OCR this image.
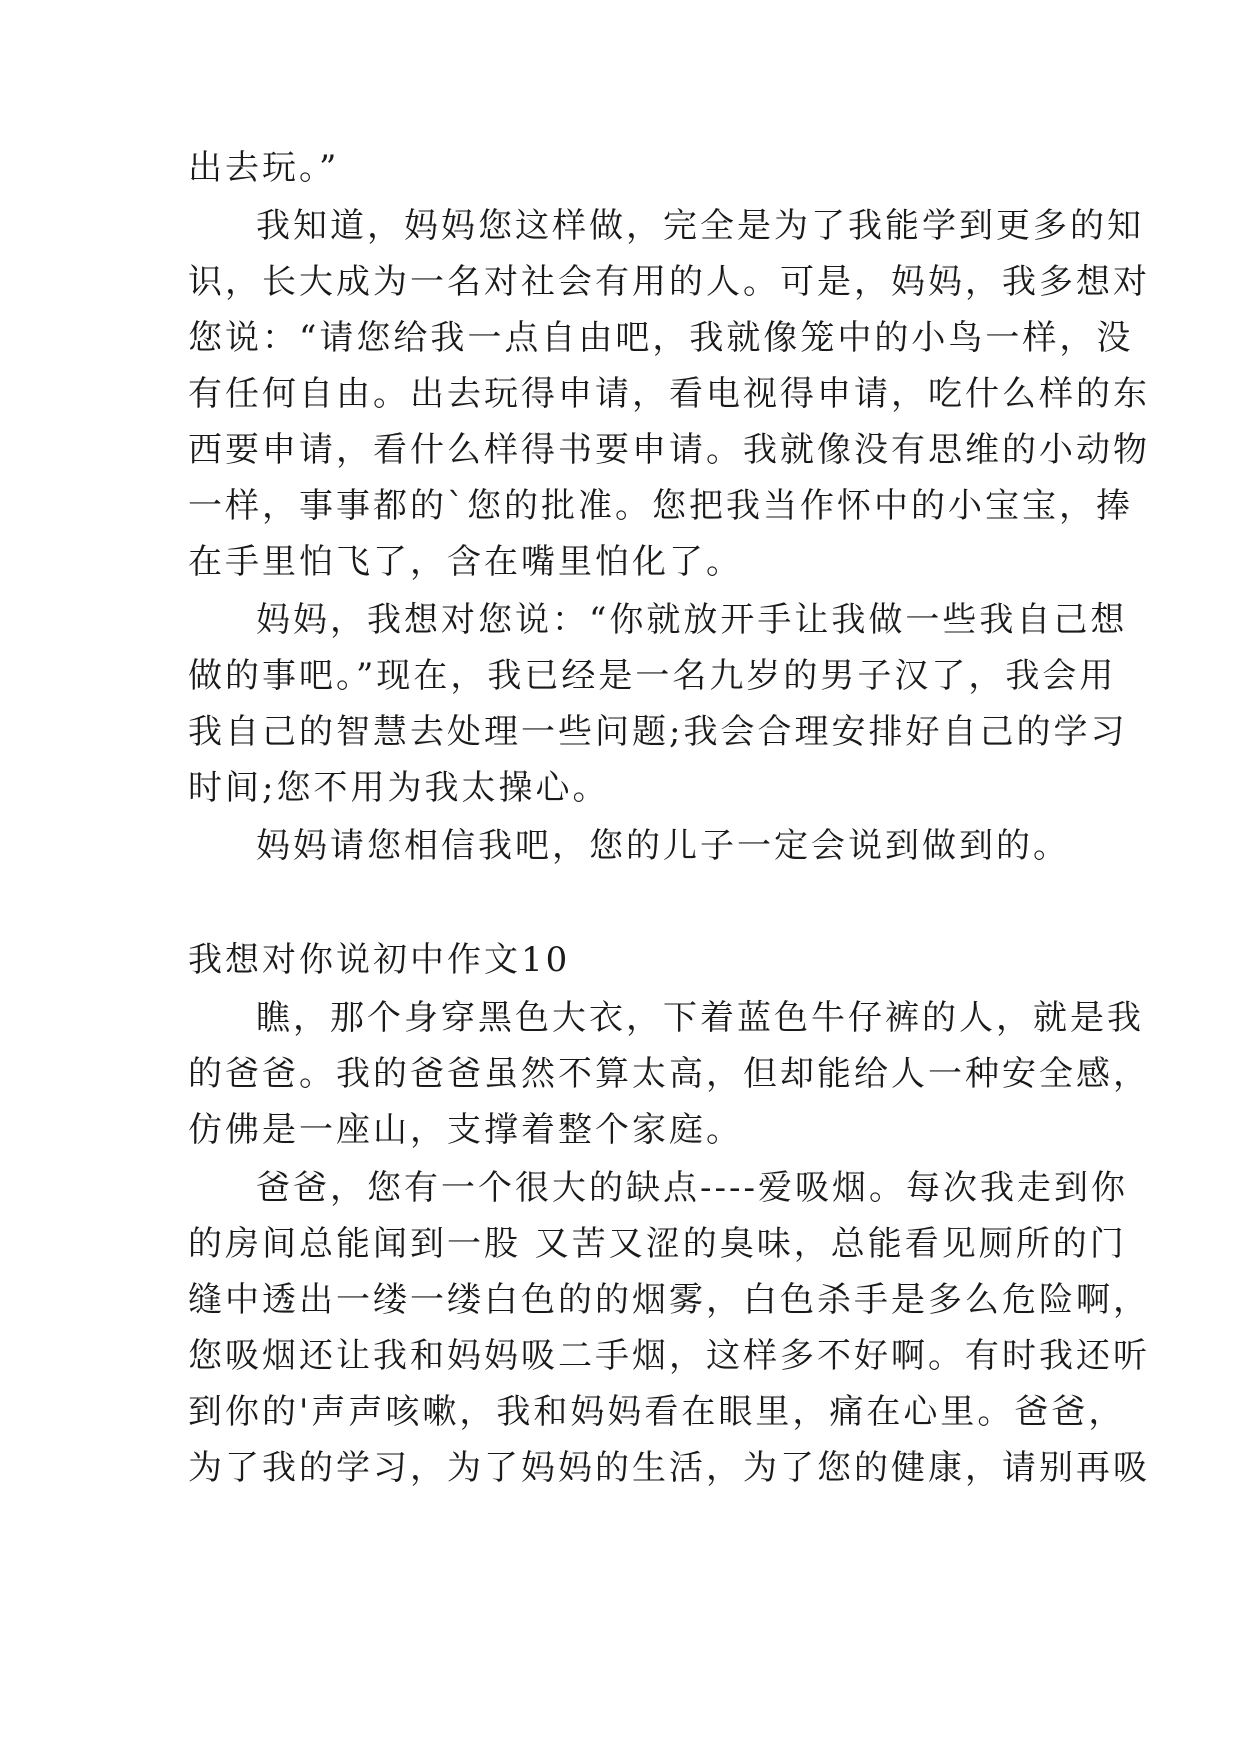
出去玩。”
我知道，妈妈您这样做，完全是为了我能学到更多的知
识，长大成为一名对社会有用的人。可是，妈妈，我多想对
您说：“请您给我一点自由吧，我就像笼中的小鸟一样，没
有任何自由。出去玩得申请，看电视得申请，吃什么样的东
西要申请，看什么样得书要申请。我就像没有思维的小动物
一样，事事都的`您的批准。您把我当作怀中的小宝宝，捧
在手里怕飞了，含在嘴里怕化了。
妈妈，我想对您说：“你就放开手让我做一些我自己想
做的事吧。”现在，我已经是一名九岁的男子汉了，我会用
我自己的智慧去处理一些问题;我会合理安排好自己的学习
时间;您不用为我太操心。
妈妈请您相信我吧，您的儿子一定会说到做到的。
我想对你说初中作文10
瞧，那个身穿黑色大衣，下着蓝色牛仔裤的人，就是我
的爸爸。我的爸爸虽然不算太高，但却能给人一种安全感，
仿佛是一座山，支撑着整个家庭。
爸爸，您有一个很大的缺点----爱吸烟。每次我走到你
的房间总能闻到一股 又苦又涩的臭味，总能看见厕所的门
缝中透出一缕一缕白色的的烟雾，白色杀手是多么危险啊，
您吸烟还让我和妈妈吸二手烟，这样多不好啊。有时我还听
到你的'声声咳嗽，我和妈妈看在眼里，痛在心里。爸爸，
为了我的学习，为了妈妈的生活，为了您的健康，请别再吸
